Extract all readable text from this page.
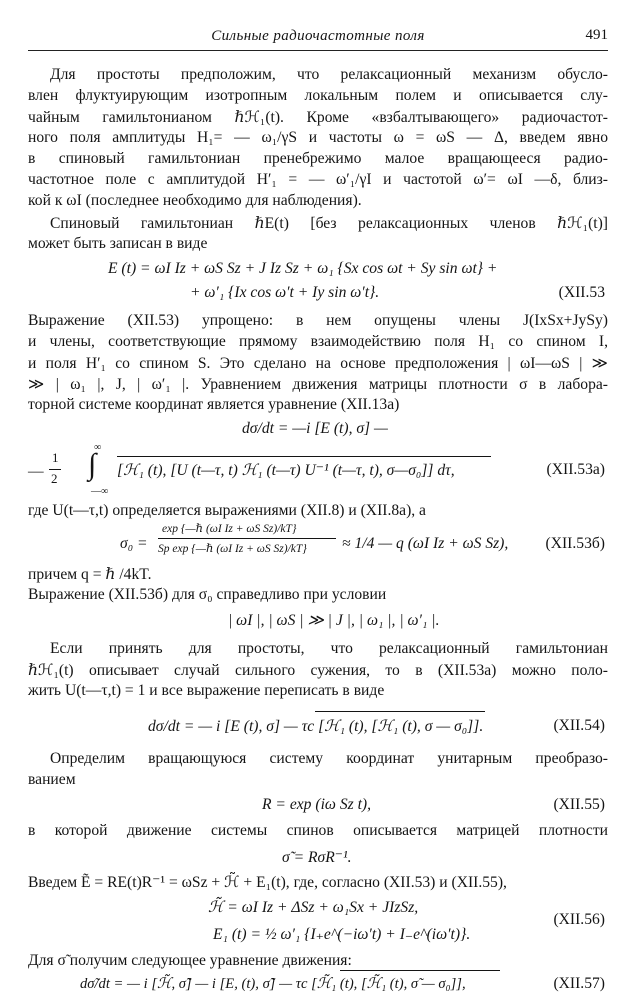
Сильные радиочастотные поля	491
Для простоты предположим, что релаксационный механизм обусло-
влен флуктуирующим изотропным локальным полем и описывается слу-
чайным гамильтонианом ℏℋ₁(t). Кроме «взбалтывающего» радиочастот-
ного поля амплитуды H₁= — ω₁/γS и частоты ω = ωS — Δ, введем явно
в спиновый гамильтониан пренебрежимо малое вращающееся радио-
частотное поле с амплитудой H′₁ = — ω′₁/γI и частотой ω′= ωI —δ, близ-
кой к ωI (последнее необходимо для наблюдения).
Спиновый гамильтониан ℏE(t) [без релаксационных членов ℏℋ₁(t)]
может быть записан в виде
E (t) = ωI Iz + ωS Sz + J Iz Sz + ω₁ {Sx cos ωt + Sy sin ωt} +
+ ω′₁ {Ix cos ω′t + Iy sin ω′t}.	(XII.53
Выражение (XII.53) упрощено: в нем опущены члены J(IxSx+JySy)
и члены, соответствующие прямому взаимодействию поля H₁ со спином I,
и поля H′₁ со спином S. Это сделано на основе предположения | ωI—ωS | ≫
≫ | ω₁ |, J, | ω′₁ |. Уравнением движения матрицы плотности σ в лабора-
торной системе координат является уравнение (XII.13а)
dσ/dt = —i [E (t), σ] —
—
1
2
∞
∫
—∞
[ℋ₁ (t), [U (t—τ, t) ℋ₁ (t—τ) U⁻¹ (t—τ, t), σ—σ₀]] dτ,	(XII.53а)
где U(t—τ,t) определяется выражениями (XII.8) и (XII.8а), а
σ₀ =
exp {—ℏ (ωI Iz + ωS Sz)/kT}
Sp exp {—ℏ (ωI Iz + ωS Sz)/kT} ≈ 1/4 — q (ωI Iz + ωS Sz), (XII.53б)
причем q = ℏ /4kT.
Выражение (XII.53б) для σ₀ справедливо при условии
| ωI |, | ωS | ≫ | J |, | ω₁ |, | ω′₁ |.
Если принять для простоты, что релаксационный гамильтониан
ℏℋ₁(t) описывает случай сильного сужения, то в (XII.53а) можно поло-
жить U(t—τ,t) = 1 и все выражение переписать в виде
dσ/dt = — i [E (t), σ] — τc [ℋ₁ (t), [ℋ₁ (t), σ — σ₀]].	(XII.54)
Определим вращающуюся систему координат унитарным преобразо-
ванием
R = exp (iω Sz t),	(XII.55)
в которой движение системы спинов описывается матрицей плотности
σ̃ = RσR⁻¹.
Введем Ẽ = RE(t)R⁻¹ = ωSz + ℋ̃ + E₁(t), где, согласно (XII.53) и (XII.55),
ℋ̃ = ωI Iz + ΔSz + ω₁Sx + JIzSz,
E₁ (t) = ½ ω′₁ {I₊e^(−iω′t) + I₋e^(iω′t)}.
(XII.56)
Для σ̃ получим следующее уравнение движения:
dσ̃/dt = — i [ℋ̃, σ̃] — i [E, (t), σ̃] — τc [ℋ̃₁ (t), [ℋ̃₁ (t), σ̃ — σ₀]],	(XII.57)
